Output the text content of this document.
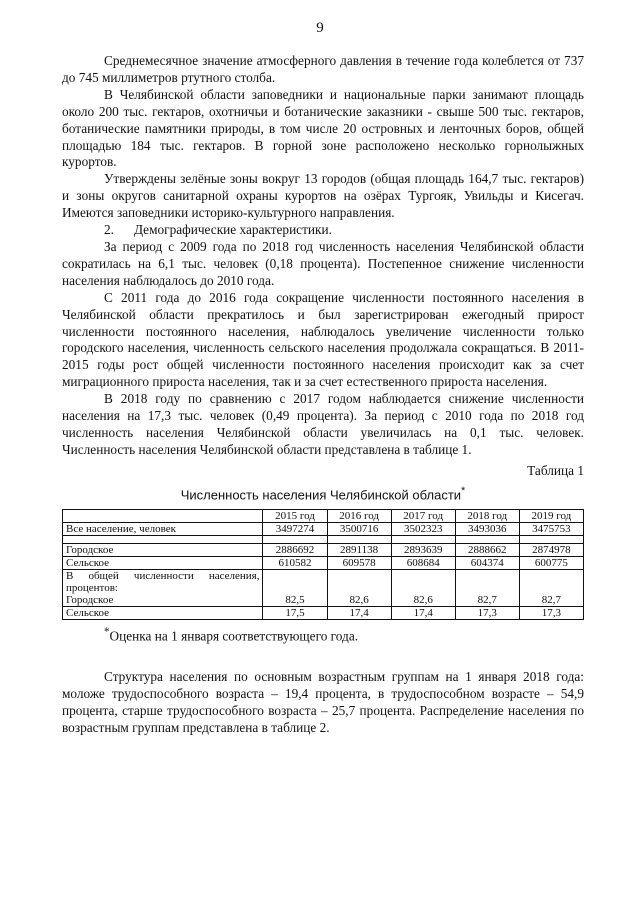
9

Среднемесячное значение атмосферного давления в течение года колеблется от 737 до 745 миллиметров ртутного столба.

В Челябинской области заповедники и национальные парки занимают площадь около 200 тыс. гектаров, охотничьи и ботанические заказники - свыше 500 тыс. гектаров, ботанические памятники природы, в том числе 20 островных и ленточных боров, общей площадью 184 тыс. гектаров. В горной зоне расположено несколько горнолыжных курортов.

Утверждены зелёные зоны вокруг 13 городов (общая площадь 164,7 тыс. гектаров) и зоны округов санитарной охраны курортов на озёрах Тургояк, Увильды и Кисегач. Имеются заповедники историко-культурного направления.

2. Демографические характеристики.

За период с 2009 года по 2018 год численность населения Челябинской области сократилась на 6,1 тыс. человек (0,18 процента). Постепенное снижение численности населения наблюдалось до 2010 года.

С 2011 года до 2016 года сокращение численности постоянного населения в Челябинской области прекратилось и был зарегистрирован ежегодный прирост численности постоянного населения, наблюдалось увеличение численности только городского населения, численность сельского населения продолжала сокращаться. В 2011-2015 годы рост общей численности постоянного населения происходит как за счет миграционного прироста населения, так и за счет естественного прироста населения.

В 2018 году по сравнению с 2017 годом наблюдается снижение численности населения на 17,3 тыс. человек (0,49 процента). За период с 2010 года по 2018 год численность населения Челябинской области увеличилась на 0,1 тыс. человек. Численность населения Челябинской области представлена в таблице 1.

Таблица 1
Численность населения Челябинской области*
	2015 год	2016 год	2017 год	2018 год	2019 год
Все население, человек	3497274	3500716	3502323	3493036	3475753

Городское	2886692	2891138	2893639	2888662	2874978
Сельское	610582	609578	608684	604374	600775

В общей численности населения, процентов:
Городское	82,5	82,6	82,6	82,7	82,7
Сельское	17,5	17,4	17,4	17,3	17,3
*Оценка на 1 января соответствующего года.

Структура населения по основным возрастным группам на 1 января 2018 года: моложе трудоспособного возраста – 19,4 процента, в трудоспособном возрасте – 54,9 процента, старше трудоспособного возраста – 25,7 процента. Распределение населения по возрастным группам представлена в таблице 2.
